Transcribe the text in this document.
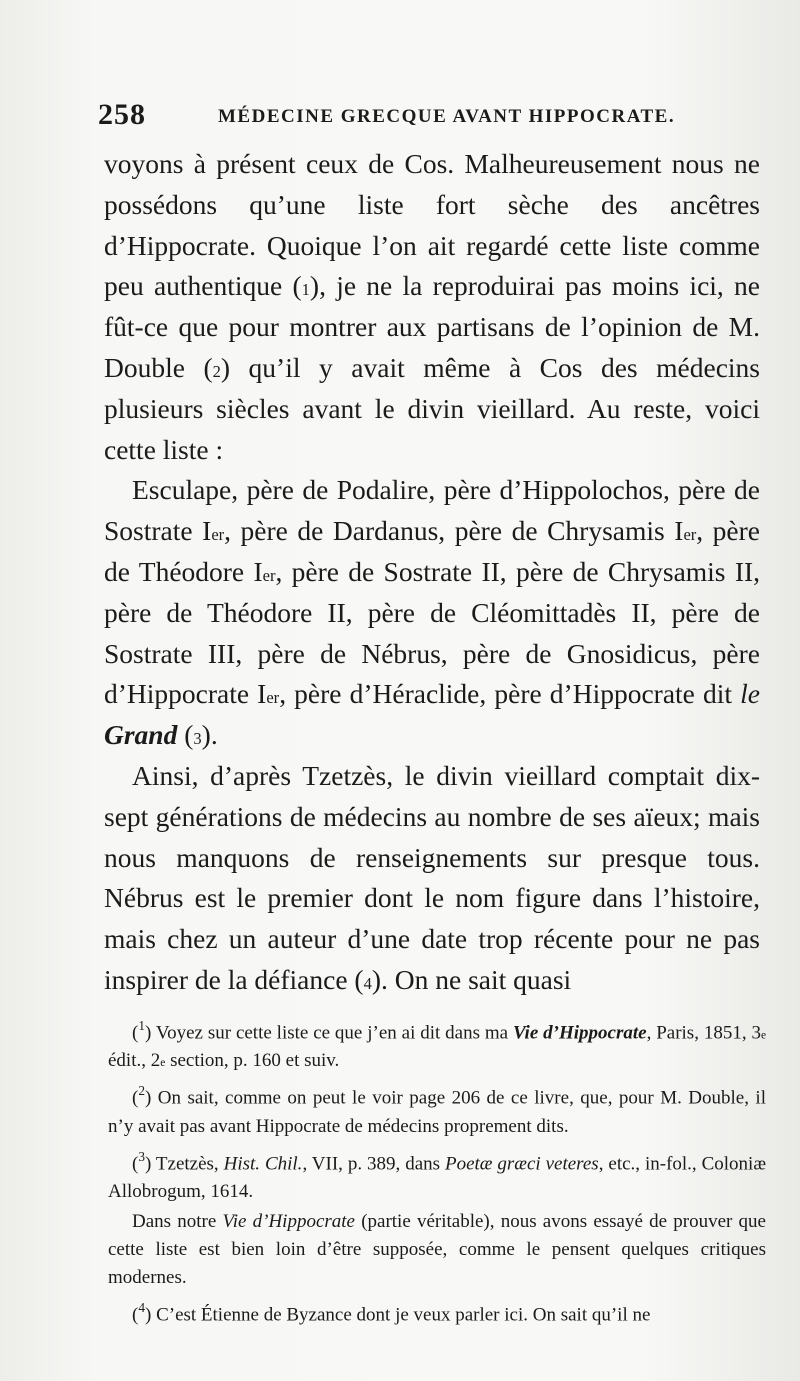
258	MÉDECINE GRECQUE AVANT HIPPOCRATE.

voyons à présent ceux de Cos. Malheureusement nous ne possédons qu’une liste fort sèche des ancêtres d’Hippocrate. Quoique l’on ait regardé cette liste comme peu authentique ($^1$), je ne la reproduirai pas moins ici, ne fût-ce que pour montrer aux partisans de l’opinion de M. Double ($^2$) qu’il y avait même à Cos des médecins plusieurs siècles avant le divin vieillard. Au reste, voici cette liste :

Esculape, père de Podalire, père d’Hippolochos, père de Sostrate Ier, père de Dardanus, père de Chrysamis Ier, père de Théodore Ier, père de Sostrate II, père de Chrysamis II, père de Théodore II, père de Cléomittadès II, père de Sostrate III, père de Nébrus, père de Gnosidicus, père d’Hippocrate Ier, père d’Héraclide, père d’Hippocrate dit le Grand ($^3$).

Ainsi, d’après Tzetzès, le divin vieillard comptait dix-sept générations de médecins au nombre de ses aïeux; mais nous manquons de renseignements sur presque tous. Nébrus est le premier dont le nom figure dans l’histoire, mais chez un auteur d’une date trop récente pour ne pas inspirer de la défiance ($^4$). On ne sait quasi

($^1$) Voyez sur cette liste ce que j’en ai dit dans ma Vie d’Hippocrate, Paris, 1851, 3e édit., 2e section, p. 160 et suiv.

($^2$) On sait, comme on peut le voir page 206 de ce livre, que, pour M. Double, il n’y avait pas avant Hippocrate de médecins proprement dits.

($^3$) Tzetzès, Hist. Chil., VII, p. 389, dans Poetæ græci veteres, etc., in-fol., Coloniæ Allobrogum, 1614.

Dans notre Vie d’Hippocrate (partie véritable), nous avons essayé de prouver que cette liste est bien loin d’être supposée, comme le pensent quelques critiques modernes.

($^4$) C’est Étienne de Byzance dont je veux parler ici. On sait qu’il ne
